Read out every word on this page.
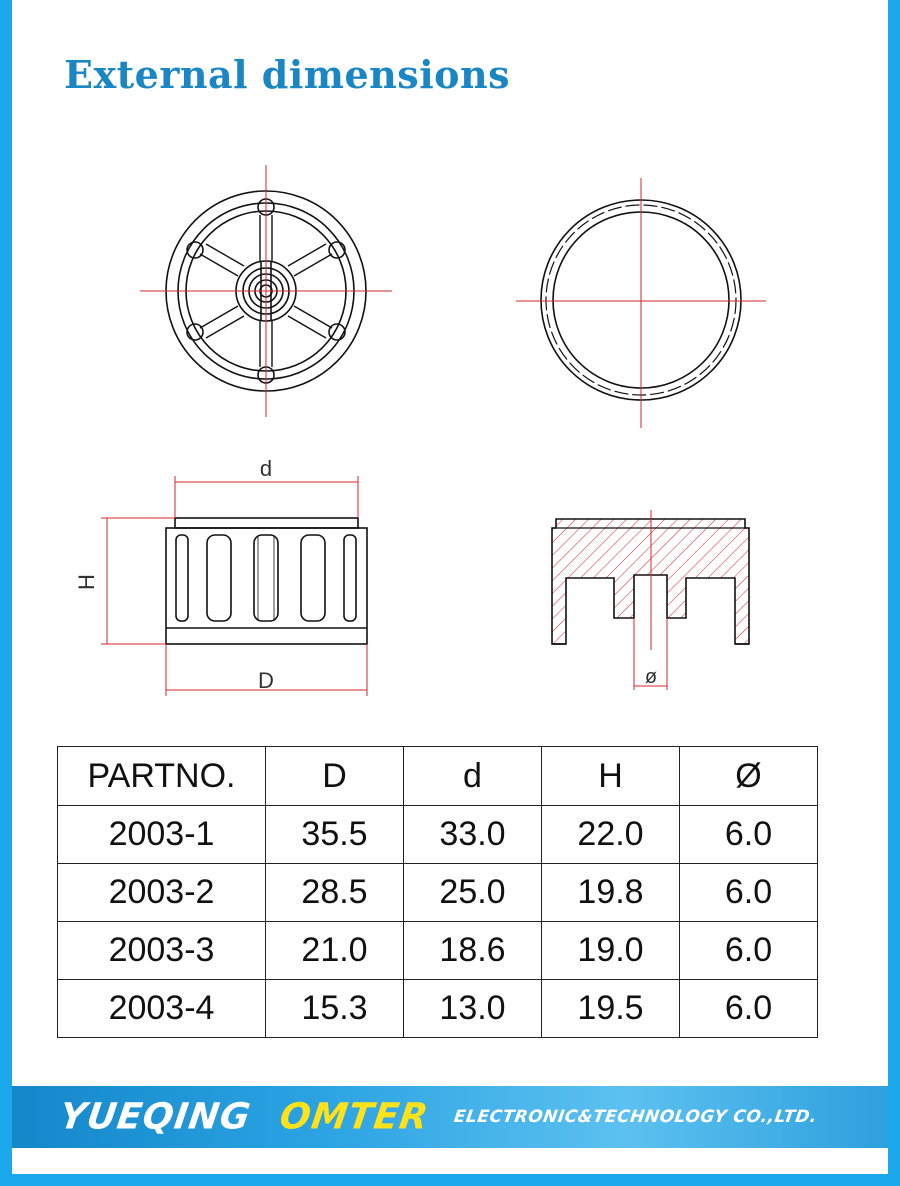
External dimensions
d
H
D	ø
PARTNO.	D	d	H	Ø
2003-1	35.5	33.0	22.0	6.0
2003-2	28.5	25.0	19.8	6.0
2003-3	21.0	18.6	19.0	6.0
2003-4	15.3	13.0	19.5	6.0
YUEQING OMTER ELECTRONIC&TECHNOLOGY CO.,LTD.
